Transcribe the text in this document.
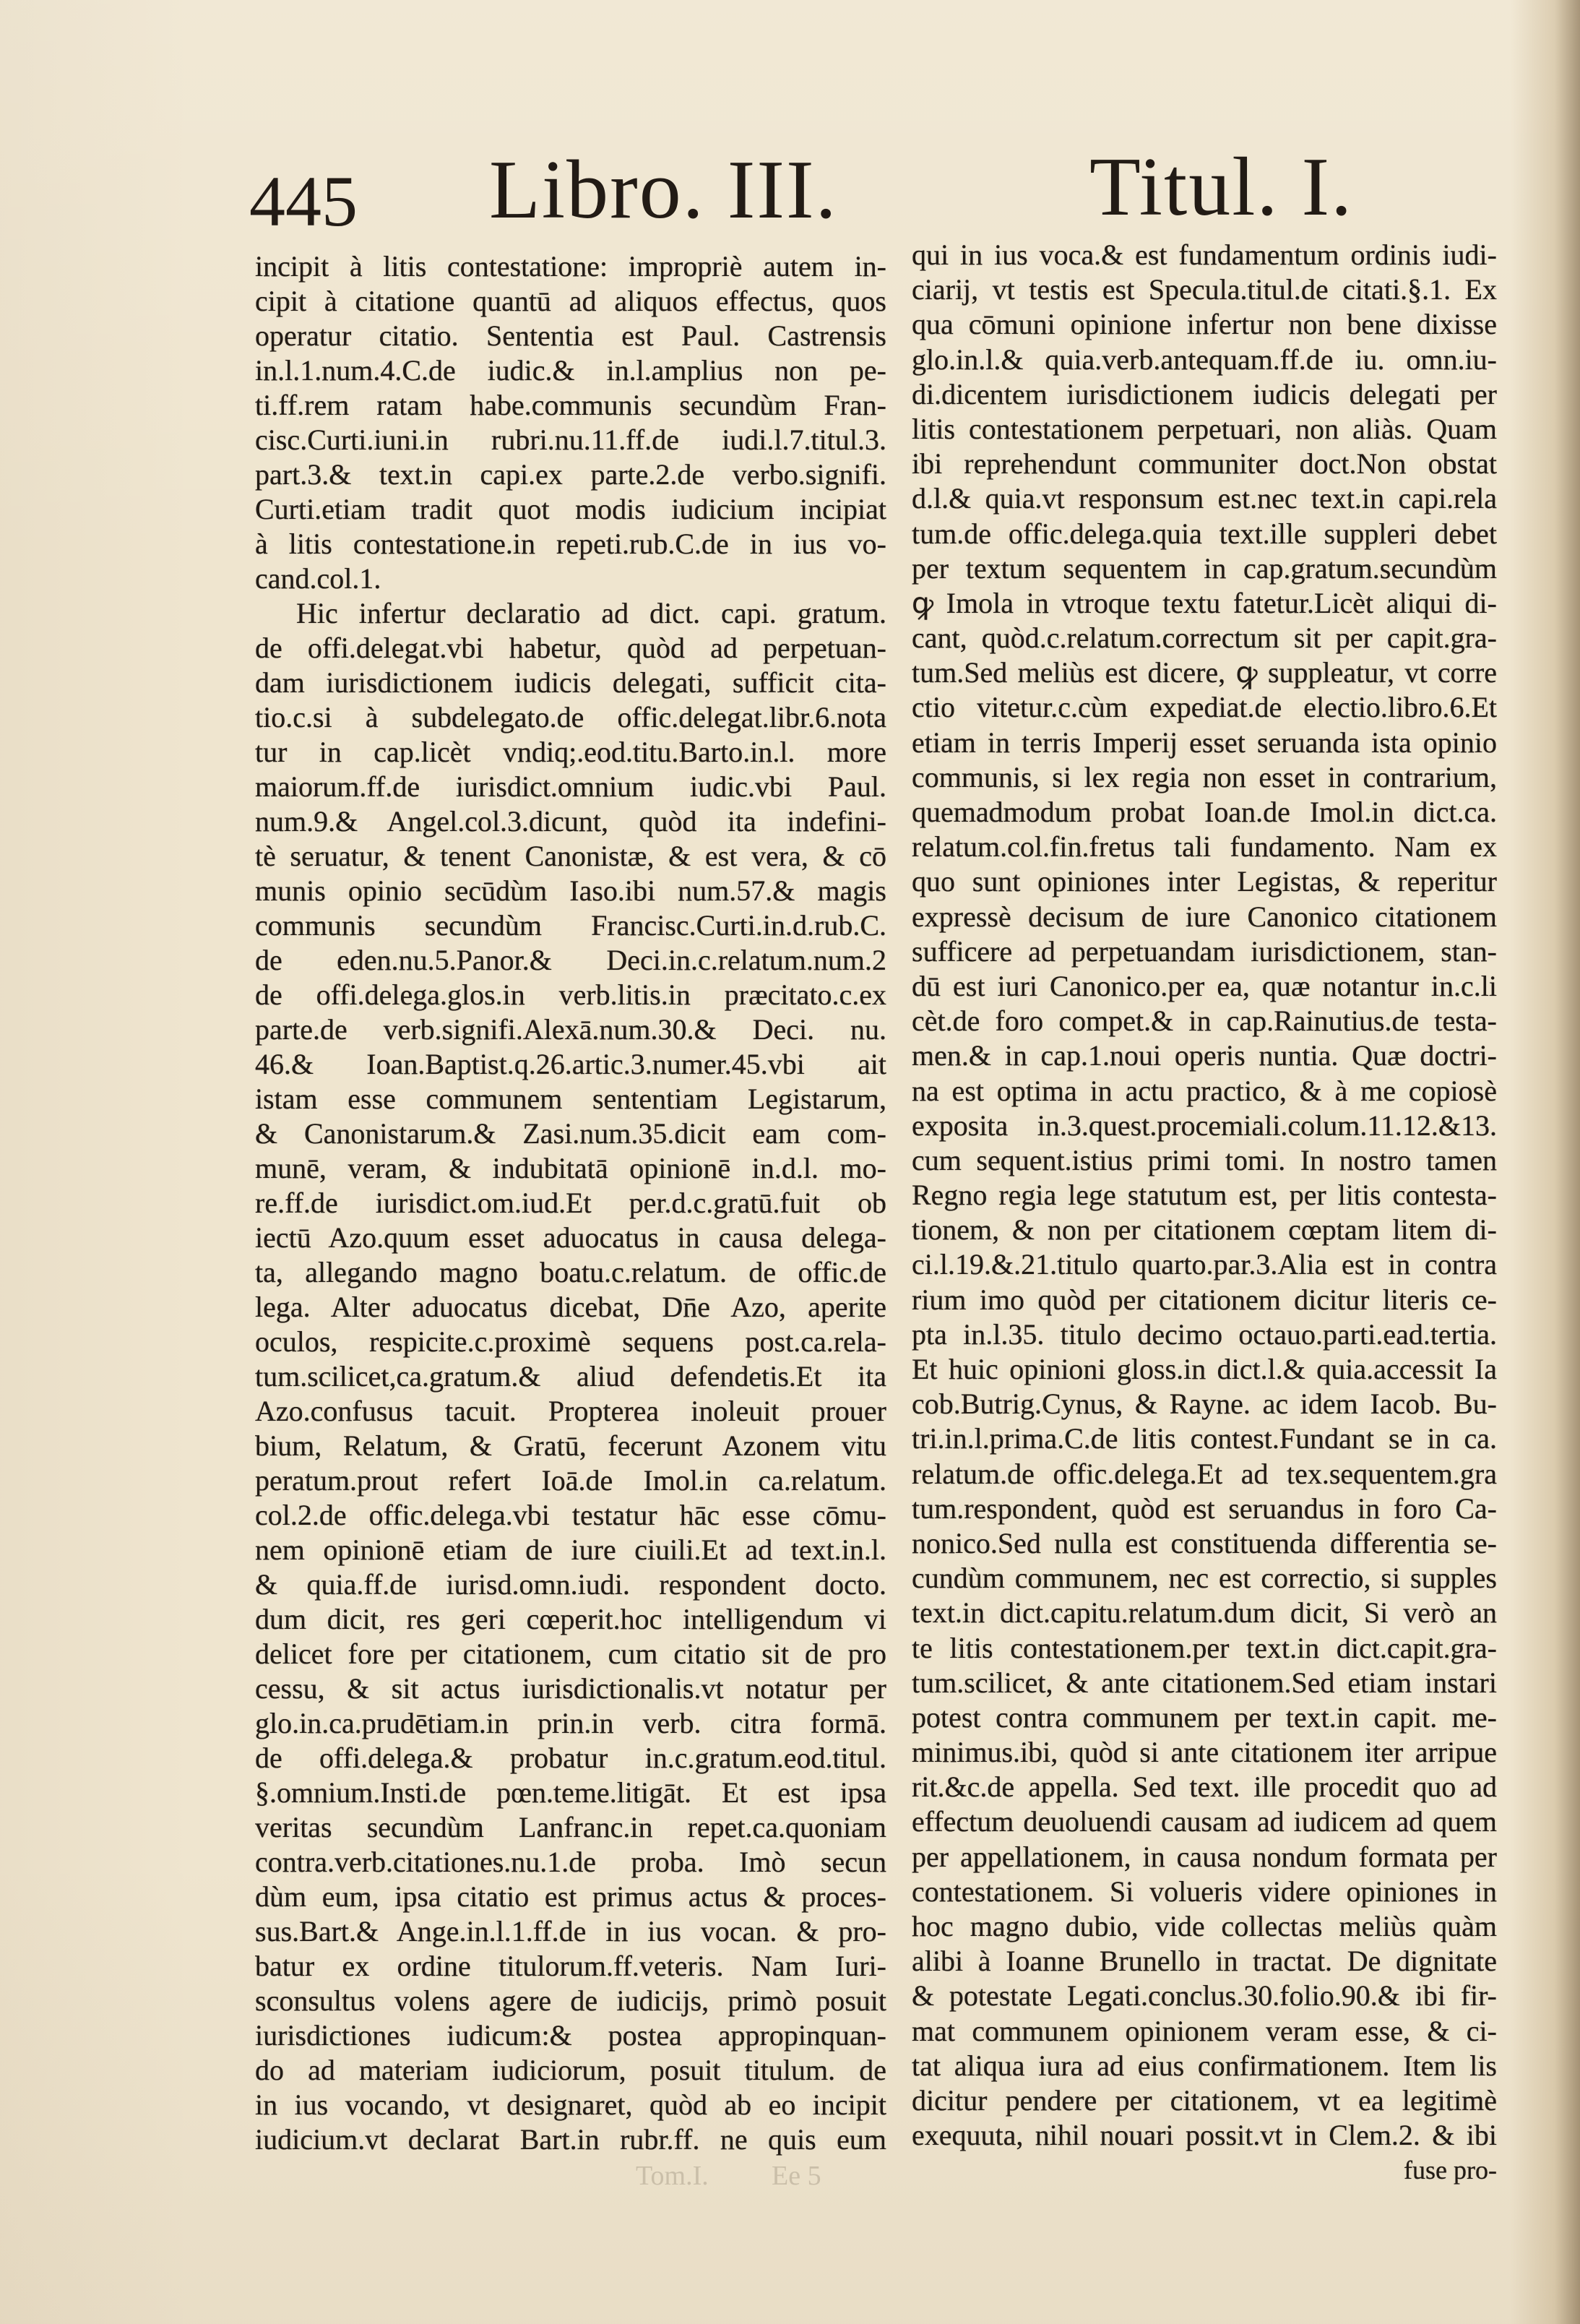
445 Libro. III.	Titul. I.
incipit à litis contestatione: impropriè autem in-
cipit à citatione quantū ad aliquos effectus, quos
operatur citatio. Sententia est Paul. Castrensis
in.l.1.num.4.C.de iudic.& in.l.amplius non pe-
ti.ff.rem ratam habe.communis secundùm Fran-
cisc.Curti.iuni.in rubri.nu.11.ff.de iudi.l.7.titul.3.
part.3.& text.in capi.ex parte.2.de verbo.signifi.
Curti.etiam tradit quot modis iudicium incipiat
à litis contestatione.in repeti.rub.C.de in ius vo-
cand.col.1.
Hic infertur declaratio ad dict. capi. gratum.
de offi.delegat.vbi habetur, quòd ad perpetuan-
dam iurisdictionem iudicis delegati, sufficit cita-
tio.c.si à subdelegato.de offic.delegat.libr.6.nota
tur in cap.licèt vndiq;.eod.titu.Barto.in.l. more
maiorum.ff.de iurisdict.omnium iudic.vbi Paul.
num.9.& Angel.col.3.dicunt, quòd ita indefini-
tè seruatur, & tenent Canonistæ, & est vera, & cō
munis opinio secūdùm Iaso.ibi num.57.& magis
communis secundùm Francisc.Curti.in.d.rub.C.
de eden.nu.5.Panor.& Deci.in.c.relatum.num.2
de offi.delega.glos.in verb.litis.in præcitato.c.ex
parte.de verb.signifi.Alexā.num.30.& Deci. nu.
46.& Ioan.Baptist.q.26.artic.3.numer.45.vbi ait
istam esse communem sententiam Legistarum,
& Canonistarum.& Zasi.num.35.dicit eam com-
munē, veram, & indubitatā opinionē in.d.l. mo-
re.ff.de iurisdict.om.iud.Et per.d.c.gratū.fuit ob
iectū Azo.quum esset aduocatus in causa delega-
ta, allegando magno boatu.c.relatum. de offic.de
lega. Alter aduocatus dicebat, Dn̄e Azo, aperite
oculos, respicite.c.proximè sequens post.ca.rela-
tum.scilicet,ca.gratum.& aliud defendetis.Et ita
Azo.confusus tacuit. Propterea inoleuit prouer
bium, Relatum, & Gratū, fecerunt Azonem vitu
peratum.prout refert Ioā.de Imol.in ca.relatum.
col.2.de offic.delega.vbi testatur hāc esse cōmu-
nem opinionē etiam de iure ciuili.Et ad text.in.l.
& quia.ff.de iurisd.omn.iudi. respondent docto.
dum dicit, res geri cœperit.hoc intelligendum vi
delicet fore per citationem, cum citatio sit de pro
cessu, & sit actus iurisdictionalis.vt notatur per
glo.in.ca.prudētiam.in prin.in verb. citra formā.
de offi.delega.& probatur in.c.gratum.eod.titul.
§.omnium.Insti.de pœn.teme.litigāt. Et est ipsa
veritas secundùm Lanfranc.in repet.ca.quoniam
contra.verb.citationes.nu.1.de proba. Imò secun
dùm eum, ipsa citatio est primus actus & proces-
sus.Bart.& Ange.in.l.1.ff.de in ius vocan. & pro-
batur ex ordine titulorum.ff.veteris. Nam Iuri-
sconsultus volens agere de iudicijs, primò posuit
iurisdictiones iudicum:& postea appropinquan-
do ad materiam iudiciorum, posuit titulum. de
in ius vocando, vt designaret, quòd ab eo incipit
iudicium.vt declarat Bart.in rubr.ff. ne quis eum
qui in ius voca.& est fundamentum ordinis iudi-
ciarij, vt testis est Specula.titul.de citati.§.1. Ex
qua cōmuni opinione infertur non bene dixisse
glo.in.l.& quia.verb.antequam.ff.de iu. omn.iu-
di.dicentem iurisdictionem iudicis delegati per
litis contestationem perpetuari, non aliàs. Quam
ibi reprehendunt communiter doct.Non obstat
d.l.& quia.vt responsum est.nec text.in capi.rela
tum.de offic.delega.quia text.ille suppleri debet
per textum sequentem in cap.gratum.secundùm
ꝙ Imola in vtroque textu fatetur.Licèt aliqui di-
cant, quòd.c.relatum.correctum sit per capit.gra-
tum.Sed meliùs est dicere, ꝙ suppleatur, vt corre
ctio vitetur.c.cùm expediat.de electio.libro.6.Et
etiam in terris Imperij esset seruanda ista opinio
communis, si lex regia non esset in contrarium,
quemadmodum probat Ioan.de Imol.in dict.ca.
relatum.col.fin.fretus tali fundamento. Nam ex
quo sunt opiniones inter Legistas, & reperitur
expressè decisum de iure Canonico citationem
sufficere ad perpetuandam iurisdictionem, stan-
dū est iuri Canonico.per ea, quæ notantur in.c.li
cèt.de foro compet.& in cap.Rainutius.de testa-
men.& in cap.1.noui operis nuntia. Quæ doctri-
na est optima in actu practico, & à me copiosè
exposita in.3.quest.procemiali.colum.11.12.&13.
cum sequent.istius primi tomi. In nostro tamen
Regno regia lege statutum est, per litis contesta-
tionem, & non per citationem cœptam litem di-
ci.l.19.&.21.titulo quarto.par.3.Alia est in contra
rium imo quòd per citationem dicitur literis ce-
pta in.l.35. titulo decimo octauo.parti.ead.tertia.
Et huic opinioni gloss.in dict.l.& quia.accessit Ia
cob.Butrig.Cynus, & Rayne. ac idem Iacob. Bu-
tri.in.l.prima.C.de litis contest.Fundant se in ca.
relatum.de offic.delega.Et ad tex.sequentem.gra
tum.respondent, quòd est seruandus in foro Ca-
nonico.Sed nulla est constituenda differentia se-
cundùm communem, nec est correctio, si supples
text.in dict.capitu.relatum.dum dicit, Si verò an
te litis contestationem.per text.in dict.capit.gra-
tum.scilicet, & ante citationem.Sed etiam instari
potest contra communem per text.in capit. me-
minimus.ibi, quòd si ante citationem iter arripue
rit.&c.de appella. Sed text. ille procedit quo ad
effectum deuoluendi causam ad iudicem ad quem
per appellationem, in causa nondum formata per
contestationem. Si volueris videre opiniones in
hoc magno dubio, vide collectas meliùs quàm
alibi à Ioanne Brunello in tractat. De dignitate
& potestate Legati.conclus.30.folio.90.& ibi fir-
mat communem opinionem veram esse, & ci-
tat aliqua iura ad eius confirmationem. Item lis
dicitur pendere per citationem, vt ea legitimè
exequuta, nihil nouari possit.vt in Clem.2. & ibi
fuse pro-
Tom.I. Ee 5
